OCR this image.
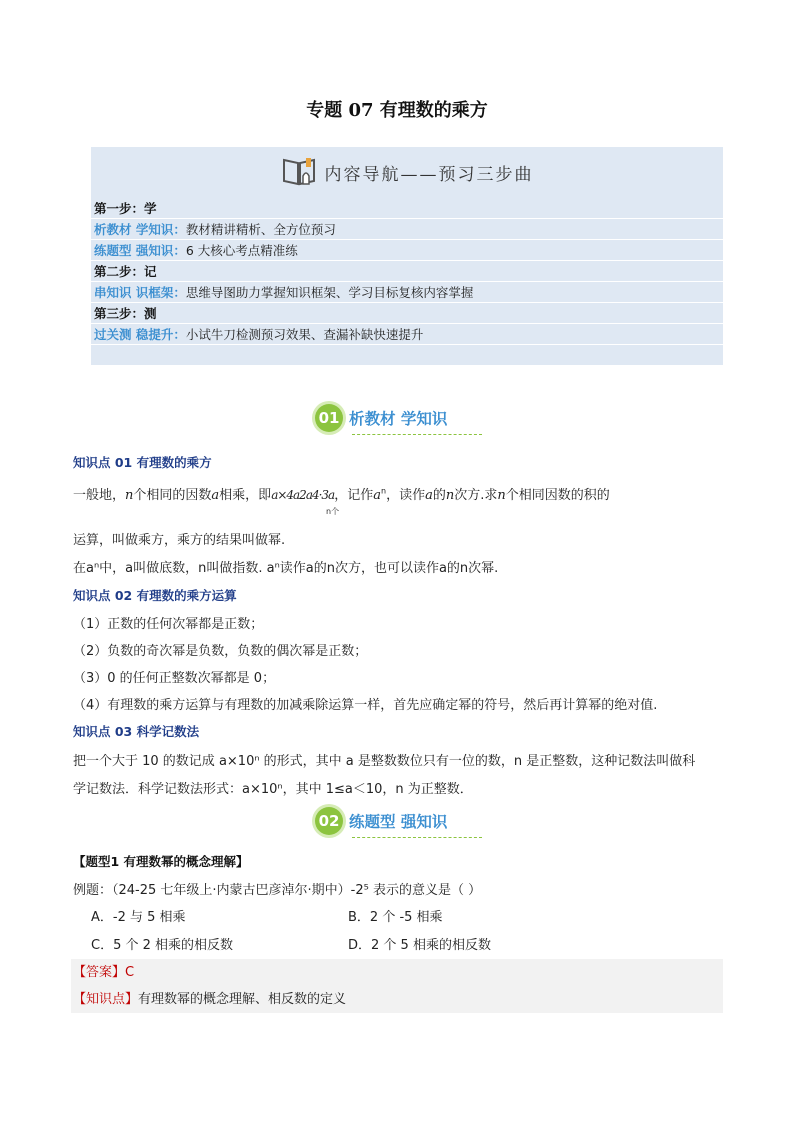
专题 07 有理数的乘方
内容导航——预习三步曲
第一步：学
析教材 学知识：教材精讲精析、全方位预习
练题型 强知识：6 大核心考点精准练
第二步：记
串知识 识框架：思维导图助力掌握知识框架、学习目标复核内容掌握
第三步：测
过关测 稳提升：小试牛刀检测预习效果、查漏补缺快速提升
01 析教材 学知识
知识点 01 有理数的乘方
一般地，n个相同的因数a相乘，即a×4a2a4·3a，记作$a^n$，读作a的n次方.求n个相同因数的积的
n个
运算，叫做乘方，乘方的结果叫做幂.
在aⁿ中，a叫做底数，n叫做指数. aⁿ读作a的n次方，也可以读作a的n次幂.
知识点 02 有理数的乘方运算
（1）正数的任何次幂都是正数；
（2）负数的奇次幂是负数，负数的偶次幂是正数；
（3）0 的任何正整数次幂都是 0；
（4）有理数的乘方运算与有理数的加减乘除运算一样，首先应确定幂的符号，然后再计算幂的绝对值.
知识点 03 科学记数法
把一个大于 10 的数记成 a×10ⁿ 的形式，其中 a 是整数数位只有一位的数，n 是正整数，这种记数法叫做科
学记数法．科学记数法形式：a×10ⁿ，其中 1≤a＜10，n 为正整数．
02 练题型 强知识
【题型1 有理数幂的概念理解】
例题：（24-25 七年级上·内蒙古巴彦淖尔·期中）-2⁵ 表示的意义是（ ）
A．-2 与 5 相乘	B．2 个 -5 相乘
C．5 个 2 相乘的相反数	D．2 个 5 相乘的相反数
【答案】C
【知识点】有理数幂的概念理解、相反数的定义
